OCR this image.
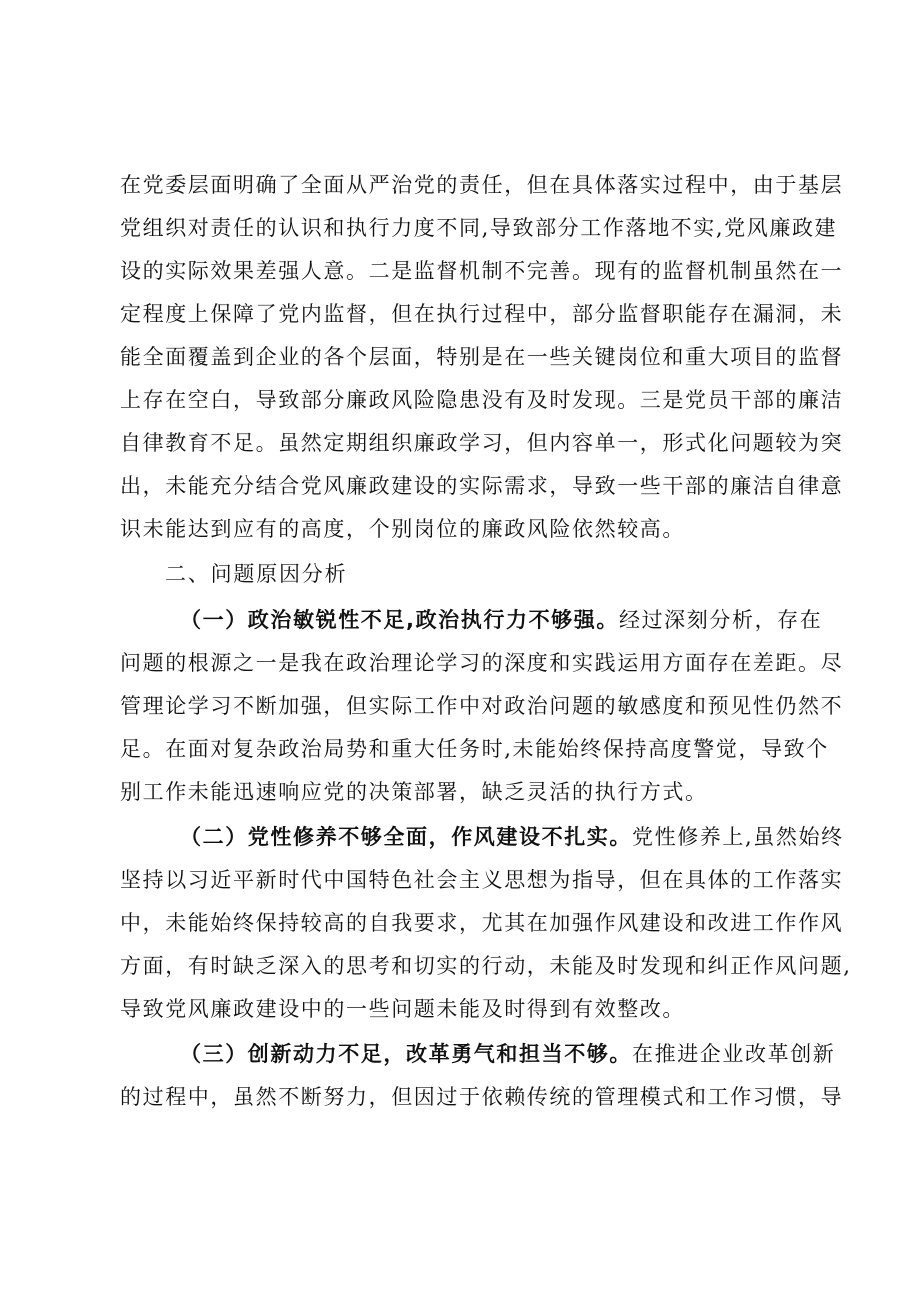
在党委层面明确了全面从严治党的责任，但在具体落实过程中，由于基层
党组织对责任的认识和执行力度不同,导致部分工作落地不实,党风廉政建
设的实际效果差强人意。二是监督机制不完善。现有的监督机制虽然在一
定程度上保障了党内监督，但在执行过程中，部分监督职能存在漏洞，未
能全面覆盖到企业的各个层面，特别是在一些关键岗位和重大项目的监督
上存在空白，导致部分廉政风险隐患没有及时发现。三是党员干部的廉洁
自律教育不足。虽然定期组织廉政学习，但内容单一，形式化问题较为突
出，未能充分结合党风廉政建设的实际需求，导致一些干部的廉洁自律意
识未能达到应有的高度，个别岗位的廉政风险依然较高。
二、问题原因分析
（一）政治敏锐性不足,政治执行力不够强。经过深刻分析，存在
问题的根源之一是我在政治理论学习的深度和实践运用方面存在差距。尽
管理论学习不断加强，但实际工作中对政治问题的敏感度和预见性仍然不
足。在面对复杂政治局势和重大任务时,未能始终保持高度警觉，导致个
别工作未能迅速响应党的决策部署，缺乏灵活的执行方式。
（二）党性修养不够全面，作风建设不扎实。党性修养上,虽然始终
坚持以习近平新时代中国特色社会主义思想为指导，但在具体的工作落实
中，未能始终保持较高的自我要求，尤其在加强作风建设和改进工作作风
方面，有时缺乏深入的思考和切实的行动，未能及时发现和纠正作风问题,
导致党风廉政建设中的一些问题未能及时得到有效整改。
（三）创新动力不足，改革勇气和担当不够。在推进企业改革创新
的过程中，虽然不断努力，但因过于依赖传统的管理模式和工作习惯，导
